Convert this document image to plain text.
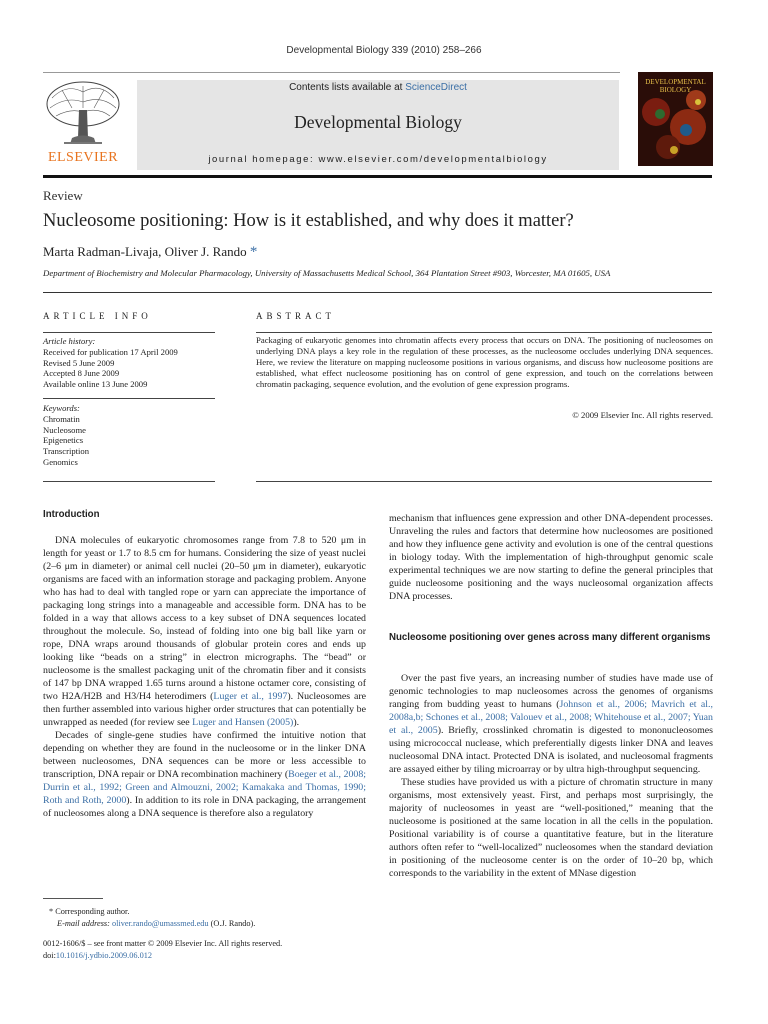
Developmental Biology 339 (2010) 258–266
ELSEVIER
Contents lists available at ScienceDirect
Developmental Biology
journal homepage: www.elsevier.com/developmentalbiology
DEVELOPMENTAL BIOLOGY
Review
Nucleosome positioning: How is it established, and why does it matter?
Marta Radman-Livaja, Oliver J. Rando *
Department of Biochemistry and Molecular Pharmacology, University of Massachusetts Medical School, 364 Plantation Street #903, Worcester, MA 01605, USA
ARTICLE INFO	ABSTRACT
Article history:
Received for publication 17 April 2009
Revised 5 June 2009
Accepted 8 June 2009
Available online 13 June 2009
Keywords:
Chromatin
Nucleosome
Epigenetics
Transcription
Genomics
Packaging of eukaryotic genomes into chromatin affects every process that occurs on DNA. The positioning of nucleosomes on underlying DNA plays a key role in the regulation of these processes, as the nucleosome occludes underlying DNA sequences. Here, we review the literature on mapping nucleosome positions in various organisms, and discuss how nucleosome positions are established, what effect nucleosome positioning has on control of gene expression, and touch on the correlations between chromatin packaging, sequence evolution, and the evolution of gene expression programs.
© 2009 Elsevier Inc. All rights reserved.
Introduction

DNA molecules of eukaryotic chromosomes range from 7.8 to 520 μm in length for yeast or 1.7 to 8.5 cm for humans. Considering the size of yeast nuclei (2–6 μm in diameter) or animal cell nuclei (20–50 μm in diameter), eukaryotic organisms are faced with an information storage and packaging problem. Anyone who has had to deal with tangled rope or yarn can appreciate the importance of packaging long strings into a manageable and accessible form. DNA has to be folded in a way that allows access to a key subset of DNA sequences located throughout the molecule. So, instead of folding into one big ball like yarn or rope, DNA wraps around thousands of globular protein cores and ends up looking like “beads on a string” in electron micrographs. The “bead” or nucleosome is the smallest packaging unit of the chromatin fiber and it consists of 147 bp DNA wrapped 1.65 turns around a histone octamer core, consisting of two H2A/H2B and H3/H4 heterodimers (Luger et al., 1997). Nucleosomes are then further assembled into various higher order structures that can potentially be unwrapped as needed (for review see Luger and Hansen (2005)).

Decades of single-gene studies have confirmed the intuitive notion that depending on whether they are found in the nucleosome or in the linker DNA between nucleosomes, DNA sequences can be more or less accessible to transcription, DNA repair or DNA recombination machinery (Boeger et al., 2008; Durrin et al., 1992; Green and Almouzni, 2002; Kamakaka and Thomas, 1990; Roth and Roth, 2000). In addition to its role in DNA packaging, the arrangement of nucleosomes along a DNA sequence is therefore also a regulatory

mechanism that influences gene expression and other DNA-dependent processes. Unraveling the rules and factors that determine how nucleosomes are positioned and how they influence gene activity and evolution is one of the central questions in biology today. With the implementation of high-throughput genomic scale experimental techniques we are now starting to define the general principles that guide nucleosome positioning and the ways nucleosomal organization affects DNA processes.

Nucleosome positioning over genes across many different organisms

Over the past five years, an increasing number of studies have made use of genomic technologies to map nucleosomes across the genomes of organisms ranging from budding yeast to humans (Johnson et al., 2006; Mavrich et al., 2008a,b; Schones et al., 2008; Valouev et al., 2008; Whitehouse et al., 2007; Yuan et al., 2005). Briefly, crosslinked chromatin is digested to mononucleosomes using micrococcal nuclease, which preferentially digests linker DNA and leaves nucleosomal DNA intact. Protected DNA is isolated, and nucleosomal fragments are assayed either by tiling microarray or by ultra high-throughput sequencing.

These studies have provided us with a picture of chromatin structure in many organisms, most extensively yeast. First, and perhaps most surprisingly, the majority of nucleosomes in yeast are “well-positioned,” meaning that the nucleosome is positioned at the same location in all the cells in the population. Positional variability is of course a quantitative feature, but in the literature authors often refer to “well-localized” nucleosomes when the standard deviation in positioning of the nucleosome center is on the order of 10–20 bp, which corresponds to the variability in the extent of MNase digestion

* Corresponding author.
E-mail address: oliver.rando@umassmed.edu (O.J. Rando).
0012-1606/$ – see front matter © 2009 Elsevier Inc. All rights reserved.
doi:10.1016/j.ydbio.2009.06.012
